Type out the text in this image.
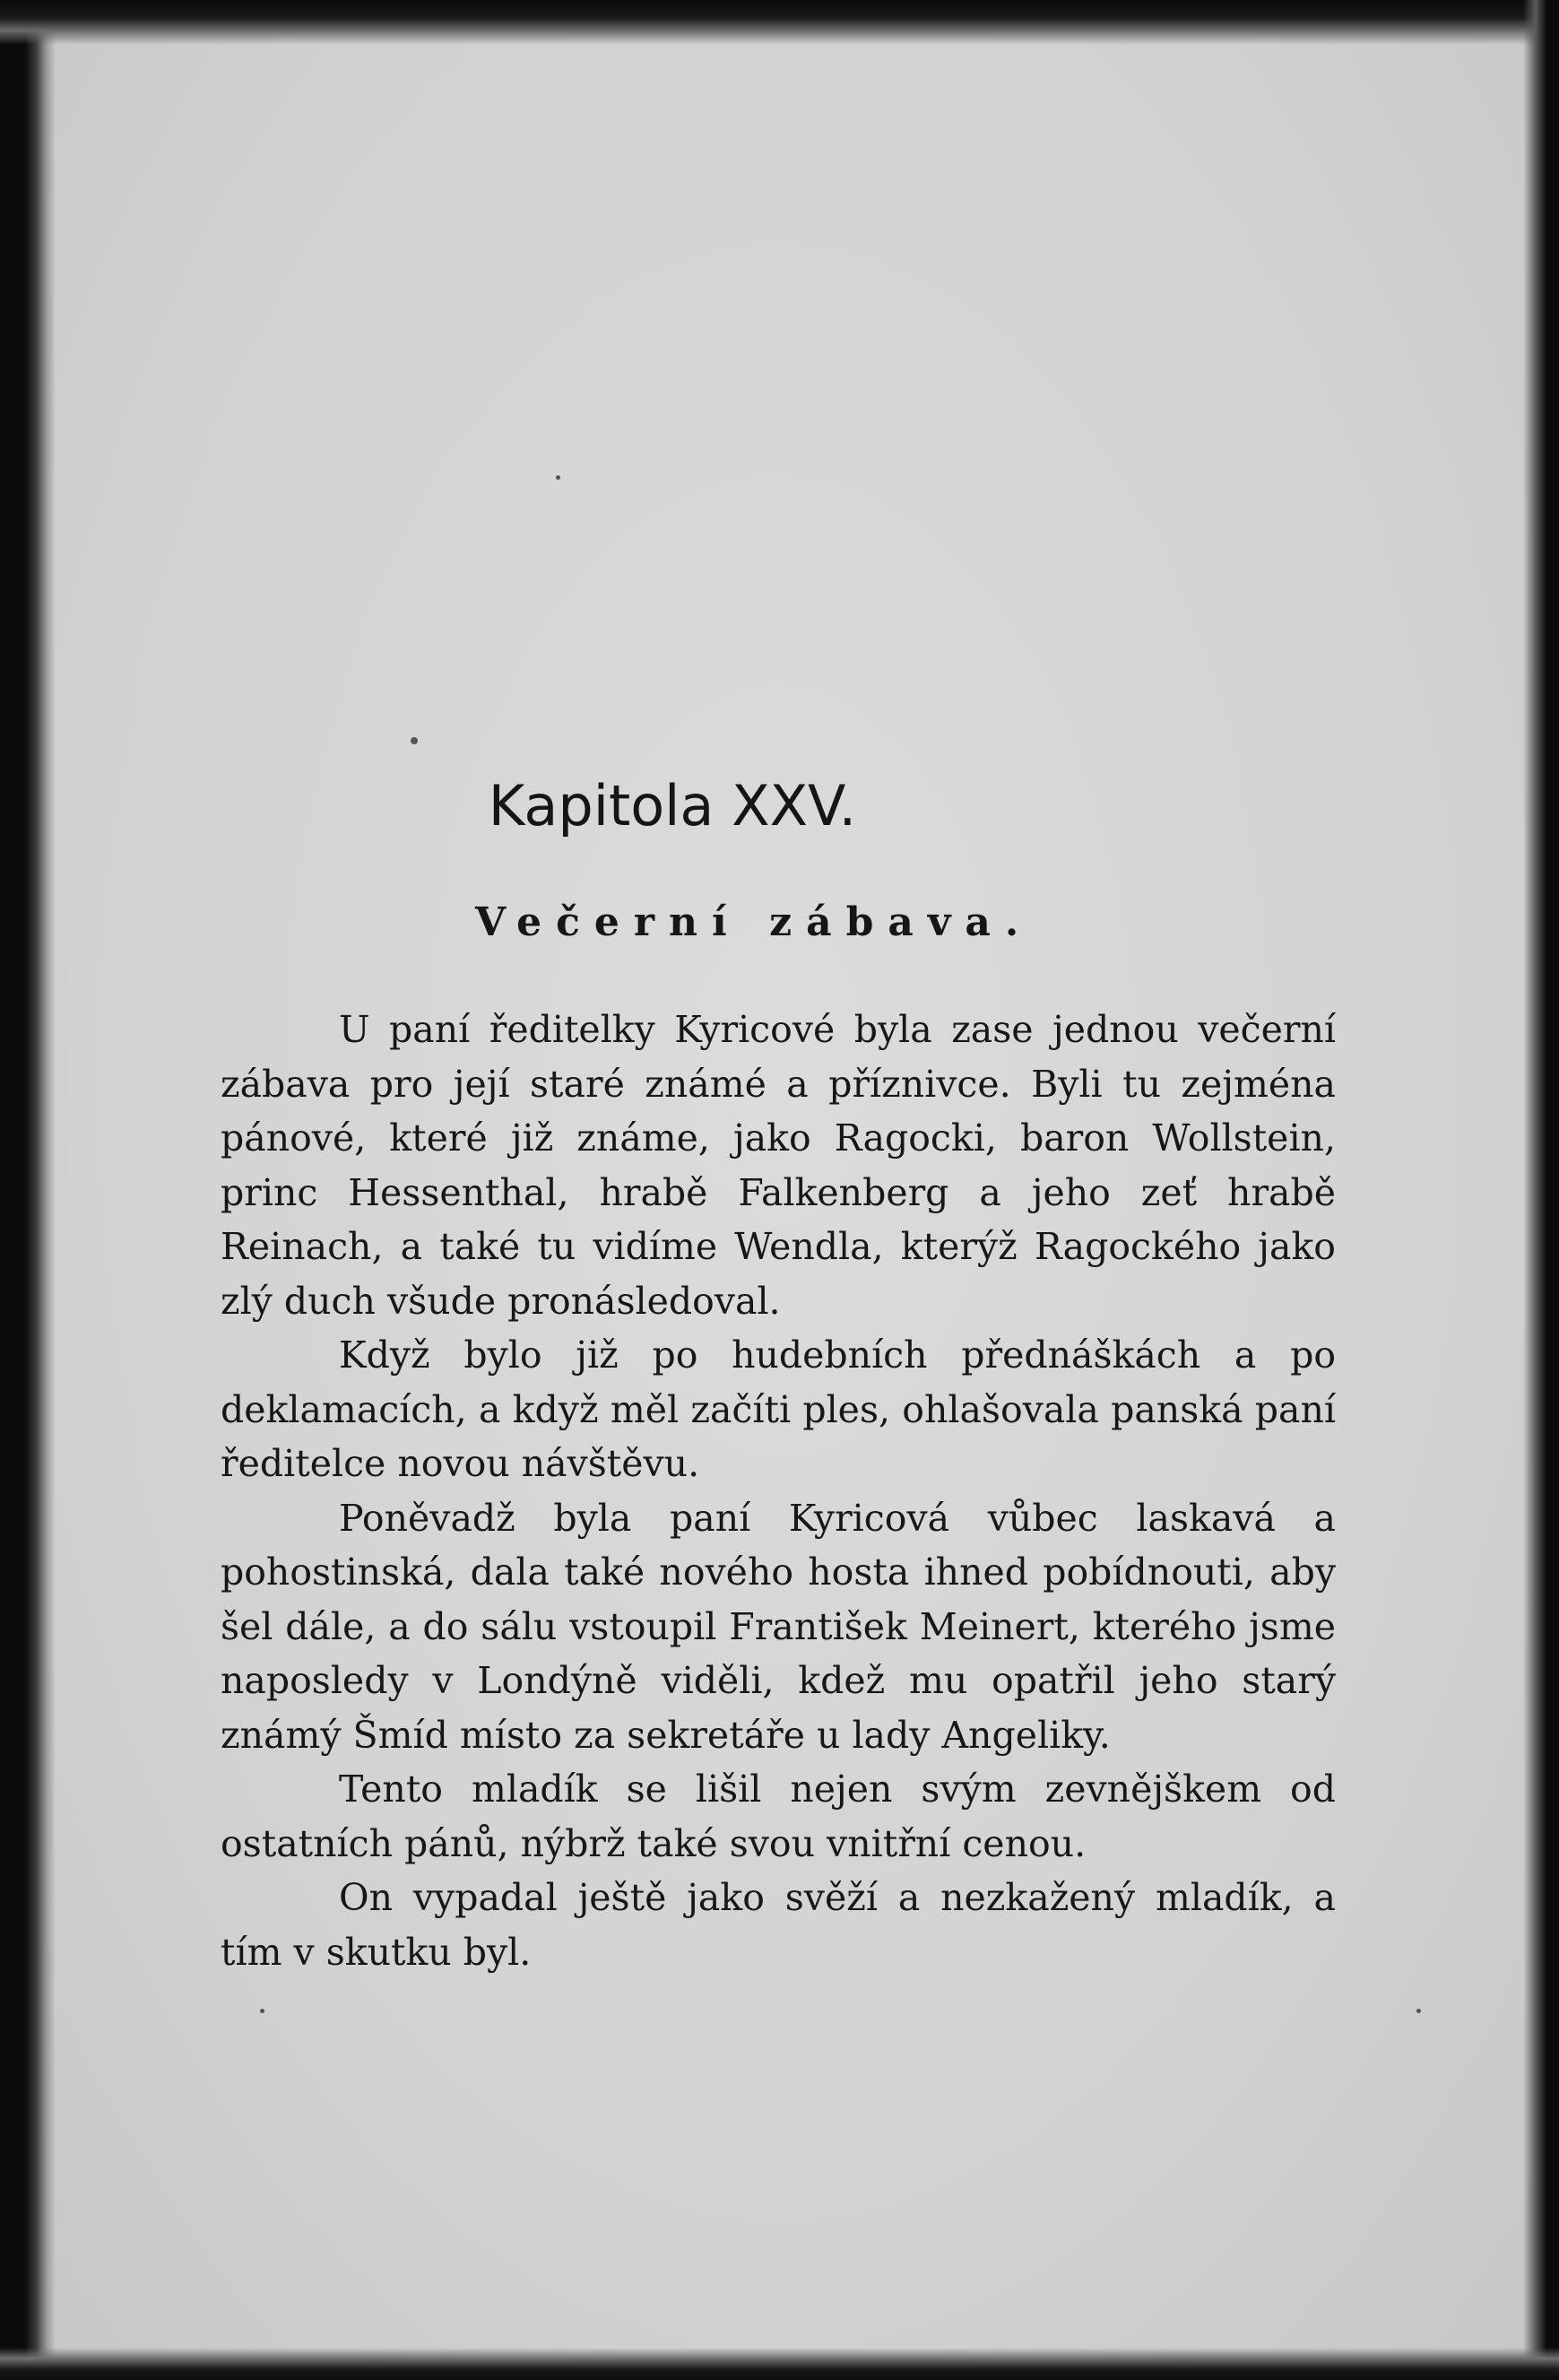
Kapitola XXV.
Večerní zábava.

U paní ředitelky Kyricové byla zase jednou večerní zábava pro její staré známé a příznivce. Byli tu zejména pánové, které již známe, jako Ragocki, baron Wollstein, princ Hessenthal, hrabě Falkenberg a jeho zeť hrabě Reinach, a také tu vidíme Wendla, kterýž Ragockého jako zlý duch všude pronásledoval.

Když bylo již po hudebních přednáškách a po deklamacích, a když měl začíti ples, ohlašovala panská paní ředitelce novou návštěvu.

Poněvadž byla paní Kyricová vůbec laskavá a pohostinská, dala také nového hosta ihned pobídnouti, aby šel dále, a do sálu vstoupil František Meinert, kterého jsme naposledy v Londýně viděli, kdež mu opatřil jeho starý známý Šmíd místo za sekretáře u lady Angeliky.

Tento mladík se lišil nejen svým zevnějškem od ostatních pánů, nýbrž také svou vnitřní cenou.

On vypadal ještě jako svěží a nezkažený mladík, a tím v skutku byl.
